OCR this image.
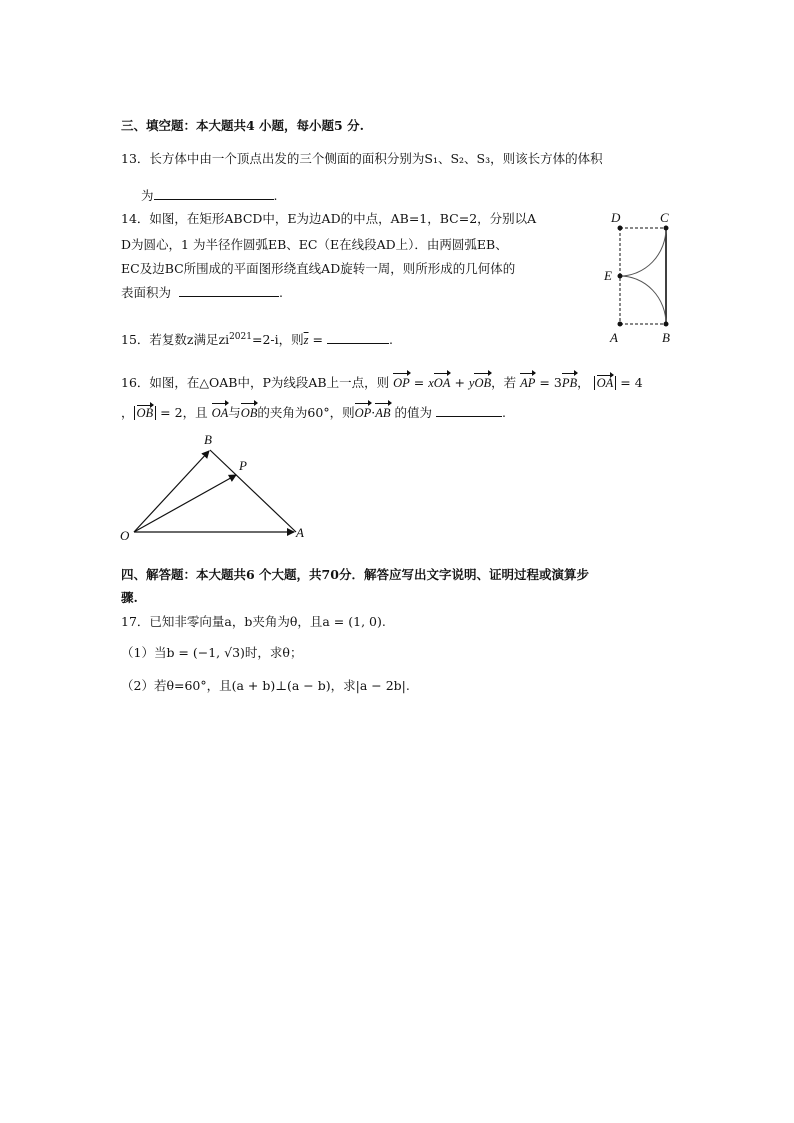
三、填空题：本大题共4 小题，每小题5 分.
13．长方体中由一个顶点出发的三个侧面的面积分别为S₁、S₂、S₃，则该长方体的体积
为	.
14．如图，在矩形ABCD中，E为边AD的中点，AB=1，BC=2，分别以A
D为圆心，1 为半径作圆弧EB、EC（E在线段AD上）．由两圆弧EB、
EC及边BC所围成的平面图形绕直线AD旋转一周，则所形成的几何体的
表面积为	.
D	C
E
A	B
15．若复数z满足$zi^{2021}=2-i$，则$\overline{z}$ =	.
16．如图，在△OAB中，P为线段AB上一点，则 OP = xOA + yOB，若 AP = 3PB， OA = 4
， OB = 2，且 OA与OB的夹角为60°，则OP·AB 的值为	.
B
P
O	A
四、解答题：本大题共6 个大题，共70分．解答应写出文字说明、证明过程或演算步
骤.
17．已知非零向量a，b夹角为θ，且a = (1, 0).
（1）当b = (−1, √3)时，求θ；
（2）若θ=60°，且(a + b)⊥(a − b)，求|a − 2b|.
